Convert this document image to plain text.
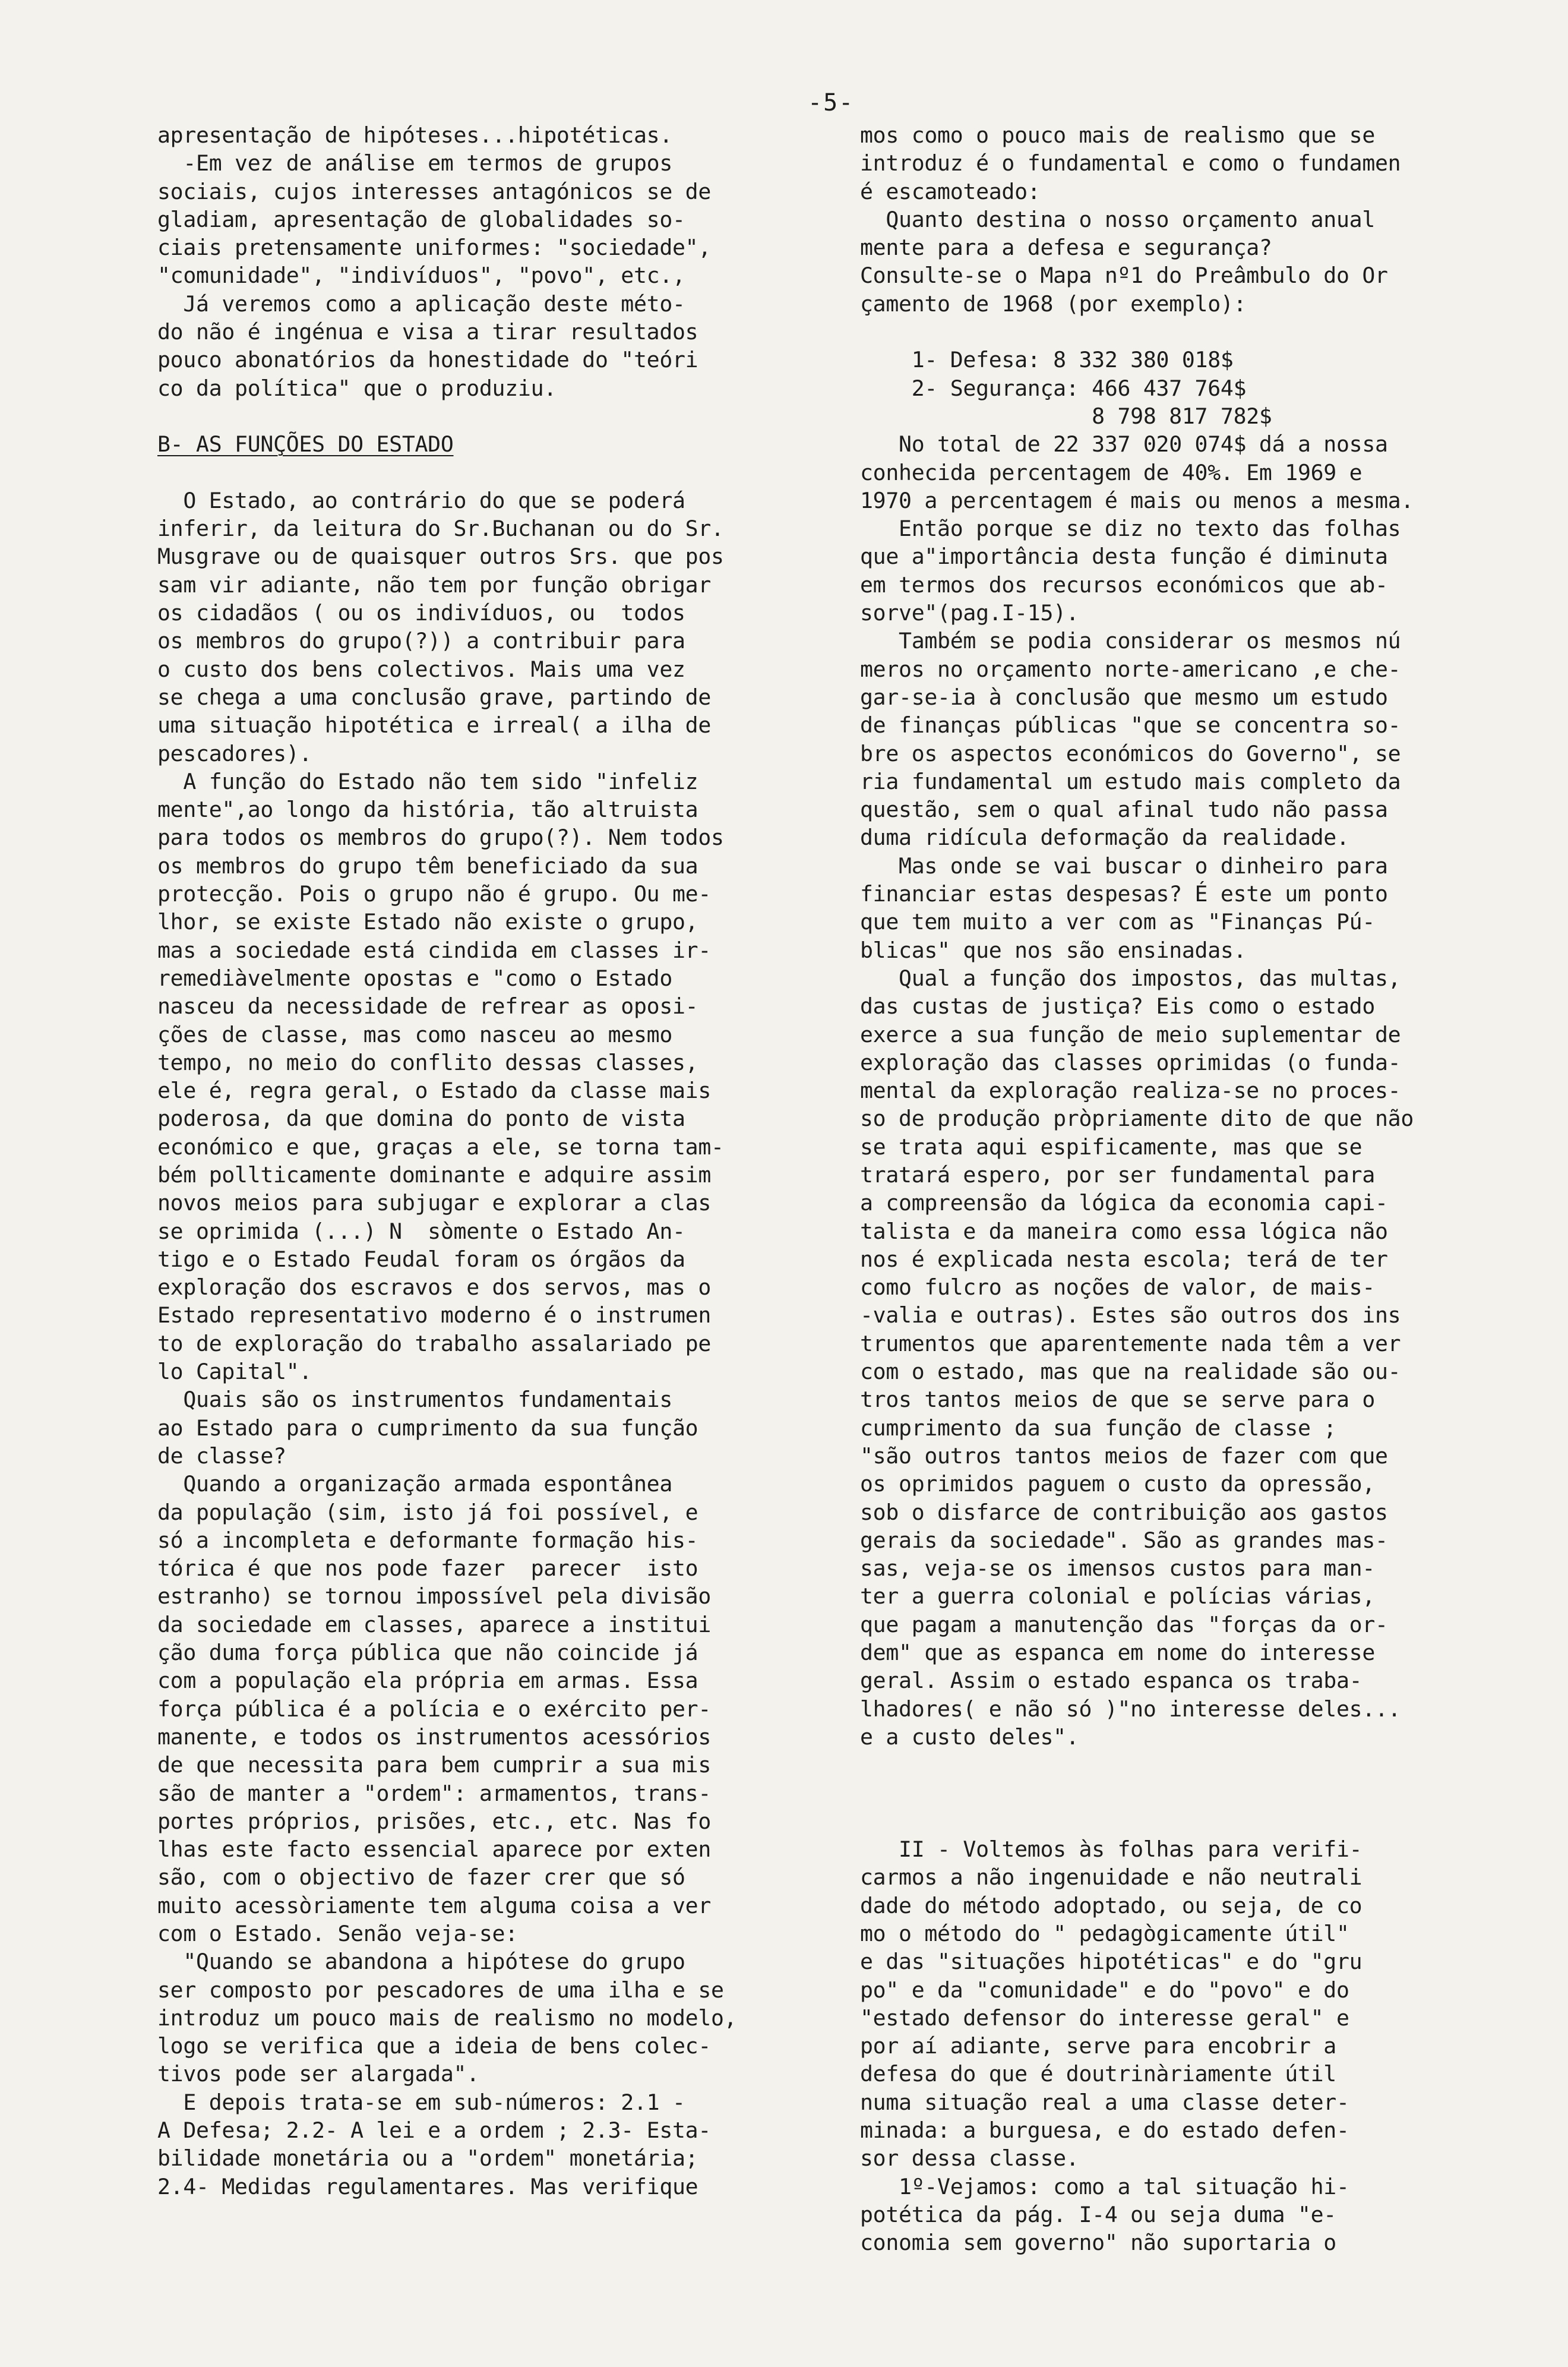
-5-
apresentação de hipóteses...hipotéticas.
-Em vez de análise em termos de grupos
sociais, cujos interesses antagónicos se de
gladiam, apresentação de globalidades so-
ciais pretensamente uniformes: "sociedade",
"comunidade", "indivíduos", "povo", etc.,
Já veremos como a aplicação deste méto-
do não é ingénua e visa a tirar resultados
pouco abonatórios da honestidade do "teóri
co da política" que o produziu.

B- AS FUNÇÕES DO ESTADO

O Estado, ao contrário do que se poderá
inferir, da leitura do Sr.Buchanan ou do Sr.
Musgrave ou de quaisquer outros Srs. que pos
sam vir adiante, não tem por função obrigar
os cidadãos ( ou os indivíduos, ou  todos
os membros do grupo(?)) a contribuir para
o custo dos bens colectivos. Mais uma vez
se chega a uma conclusão grave, partindo de
uma situação hipotética e irreal( a ilha de
pescadores).
A função do Estado não tem sido "infeliz
mente",ao longo da história, tão altruista
para todos os membros do grupo(?). Nem todos
os membros do grupo têm beneficiado da sua
protecção. Pois o grupo não é grupo. Ou me-
lhor, se existe Estado não existe o grupo,
mas a sociedade está cindida em classes ir-
remediàvelmente opostas e "como o Estado
nasceu da necessidade de refrear as oposi-
ções de classe, mas como nasceu ao mesmo
tempo, no meio do conflito dessas classes,
ele é, regra geral, o Estado da classe mais
poderosa, da que domina do ponto de vista
económico e que, graças a ele, se torna tam-
bém pollticamente dominante e adquire assim
novos meios para subjugar e explorar a clas
se oprimida (...) N  sòmente o Estado An-
tigo e o Estado Feudal foram os órgãos da
exploração dos escravos e dos servos, mas o
Estado representativo moderno é o instrumen
to de exploração do trabalho assalariado pe
lo Capital".
Quais são os instrumentos fundamentais
ao Estado para o cumprimento da sua função
de classe?
Quando a organização armada espontânea
da população (sim, isto já foi possível, e
só a incompleta e deformante formação his-
tórica é que nos pode fazer  parecer  isto
estranho) se tornou impossível pela divisão
da sociedade em classes, aparece a institui
ção duma força pública que não coincide já
com a população ela própria em armas. Essa
força pública é a polícia e o exército per-
manente, e todos os instrumentos acessórios
de que necessita para bem cumprir a sua mis
são de manter a "ordem": armamentos, trans-
portes próprios, prisões, etc., etc. Nas fo
lhas este facto essencial aparece por exten
são, com o objectivo de fazer crer que só
muito acessòriamente tem alguma coisa a ver
com o Estado. Senão veja-se:
"Quando se abandona a hipótese do grupo
ser composto por pescadores de uma ilha e se
introduz um pouco mais de realismo no modelo,
logo se verifica que a ideia de bens colec-
tivos pode ser alargada".
E depois trata-se em sub-números: 2.1 -
A Defesa; 2.2- A lei e a ordem ; 2.3- Esta-
bilidade monetária ou a "ordem" monetária;
2.4- Medidas regulamentares. Mas verifique
mos como o pouco mais de realismo que se
introduz é o fundamental e como o fundamen
é escamoteado:
Quanto destina o nosso orçamento anual
mente para a defesa e segurança?
Consulte-se o Mapa nº1 do Preâmbulo do Or
çamento de 1968 (por exemplo):

1- Defesa: 8 332 380 018$
2- Segurança: 466 437 764$
8 798 817 782$
No total de 22 337 020 074$ dá a nossa
conhecida percentagem de 40%. Em 1969 e
1970 a percentagem é mais ou menos a mesma.
Então porque se diz no texto das folhas
que a"importância desta função é diminuta
em termos dos recursos económicos que ab-
sorve"(pag.I-15).
Também se podia considerar os mesmos nú
meros no orçamento norte-americano ,e che-
gar-se-ia à conclusão que mesmo um estudo
de finanças públicas "que se concentra so-
bre os aspectos económicos do Governo", se
ria fundamental um estudo mais completo da
questão, sem o qual afinal tudo não passa
duma ridícula deformação da realidade.
Mas onde se vai buscar o dinheiro para
financiar estas despesas? É este um ponto
que tem muito a ver com as "Finanças Pú-
blicas" que nos são ensinadas.
Qual a função dos impostos, das multas,
das custas de justiça? Eis como o estado
exerce a sua função de meio suplementar de
exploração das classes oprimidas (o funda-
mental da exploração realiza-se no proces-
so de produção pròpriamente dito de que não
se trata aqui espificamente, mas que se
tratará espero, por ser fundamental para
a compreensão da lógica da economia capi-
talista e da maneira como essa lógica não
nos é explicada nesta escola; terá de ter
como fulcro as noções de valor, de mais-
-valia e outras). Estes são outros dos ins
trumentos que aparentemente nada têm a ver
com o estado, mas que na realidade são ou-
tros tantos meios de que se serve para o
cumprimento da sua função de classe ;
"são outros tantos meios de fazer com que
os oprimidos paguem o custo da opressão,
sob o disfarce de contribuição aos gastos
gerais da sociedade". São as grandes mas-
sas, veja-se os imensos custos para man-
ter a guerra colonial e polícias várias,
que pagam a manutenção das "forças da or-
dem" que as espanca em nome do interesse
geral. Assim o estado espanca os traba-
lhadores( e não só )"no interesse deles...
e a custo deles".

II - Voltemos às folhas para verifi-
carmos a não ingenuidade e não neutrali
dade do método adoptado, ou seja, de co
mo o método do " pedagògicamente útil"
e das "situações hipotéticas" e do "gru
po" e da "comunidade" e do "povo" e do
"estado defensor do interesse geral" e
por aí adiante, serve para encobrir a
defesa do que é doutrinàriamente útil
numa situação real a uma classe deter-
minada: a burguesa, e do estado defen-
sor dessa classe.
1º-Vejamos: como a tal situação hi-
potética da pág. I-4 ou seja duma "e-
conomia sem governo" não suportaria o
